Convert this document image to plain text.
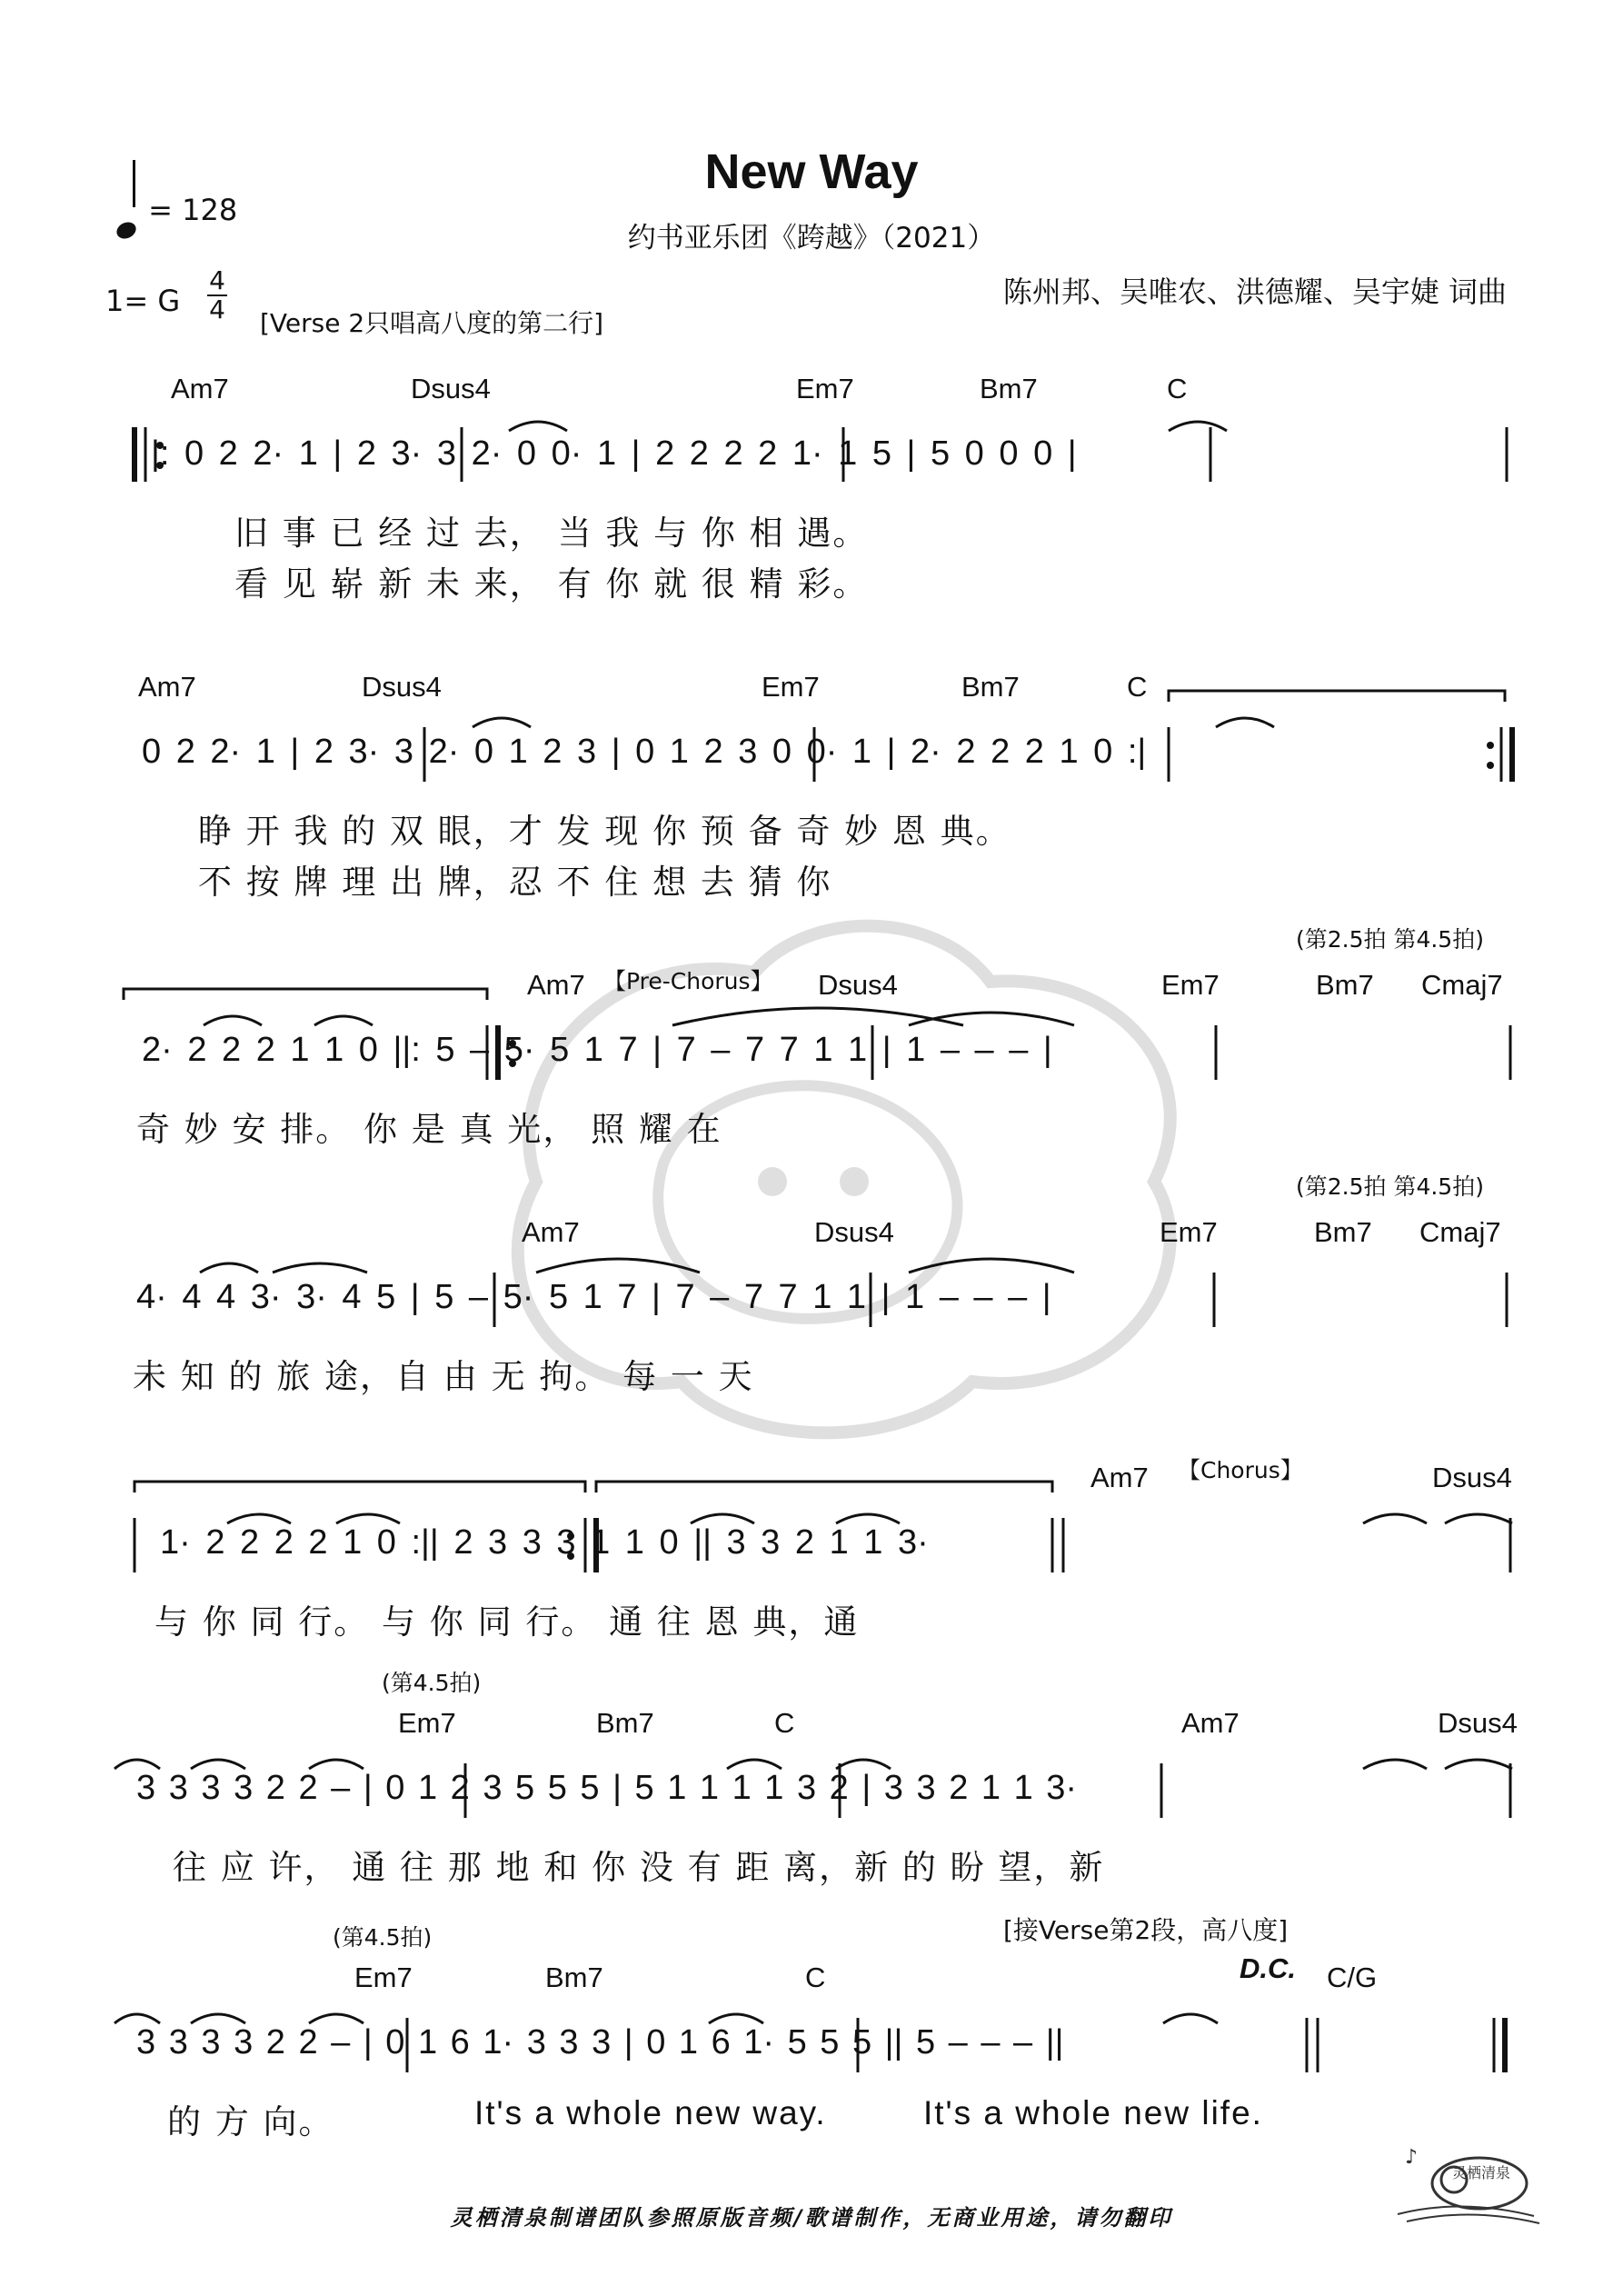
New Way
约书亚乐团《跨越》（2021）
= 128
陈州邦、吴唯农、洪德耀、吴宇婕 词曲
1= G
4
4 [Verse 2只唱高八度的第二行]
Am7	Dsus4	Em7	Bm7	C
|: 0 2 2· 1 | 2 3· 3 2· 0 0· 1 | 2 2 2 2 1· 1 5 | 5 0 0 0 |
旧 事 已 经 过 去， 当 我 与 你 相 遇。
看 见 崭 新 未 来， 有 你 就 很 精 彩。
Am7	Dsus4	Em7	Bm7	C
0 2 2· 1 | 2 3· 3 2· 0 1 2 3 | 0 1 2 3 0 0· 1 | 2· 2 2 2 1 0 :|
睁 开 我 的 双 眼，才 发 现 你 预 备 奇 妙 恩 典。
不 按 牌 理 出 牌，忍 不 住 想 去 猜 你
(第2.5拍 第4.5拍)
Am7 【Pre-Chorus】 Dsus4	Em7	Bm7 Cmaj7
2· 2 2 2 1 1 0 ||: 5 – 5· 5 1 7 | 7 – 7 7 1 1 | 1 – – – |
奇 妙 安 排。 你 是 真 光， 照 耀 在
(第2.5拍 第4.5拍)
Am7	Dsus4	Em7	Bm7 Cmaj7
4· 4 4 3· 3· 4 5 | 5 – 5· 5 1 7 | 7 – 7 7 1 1 | 1 – – – |
未 知 的 旅 途，自 由 无 拘。 每 一 天
Am7 【Chorus】	Dsus4
1· 2 2 2 2 1 0 :|| 2 3 3 3 1 1 0 || 3 3 2 1 1 3·
与 你 同 行。 与 你 同 行。 通 往 恩 典，通
(第4.5拍)
Em7	Bm7	C	Am7	Dsus4
3 3 3 3 2 2 – | 0 1 2 3 5 5 5 | 5 1 1 1 1 3 2 | 3 3 2 1 1 3·
往 应 许， 通 往 那 地 和 你 没 有 距 离，新 的 盼 望，新
(第4.5拍)	[接Verse第2段，高八度]
Em7	Bm7	C	D.C. C/G
3 3 3 3 2 2 – | 0 1 6 1· 3 3 3 | 0 1 6 1· 5 5 5 || 5 – – – ||
的 方 向。	It's a whole new way.	It's a whole new life.
灵栖清泉制谱团队参照原版音频/歌谱制作，无商业用途，请勿翻印
灵栖清泉
♪
